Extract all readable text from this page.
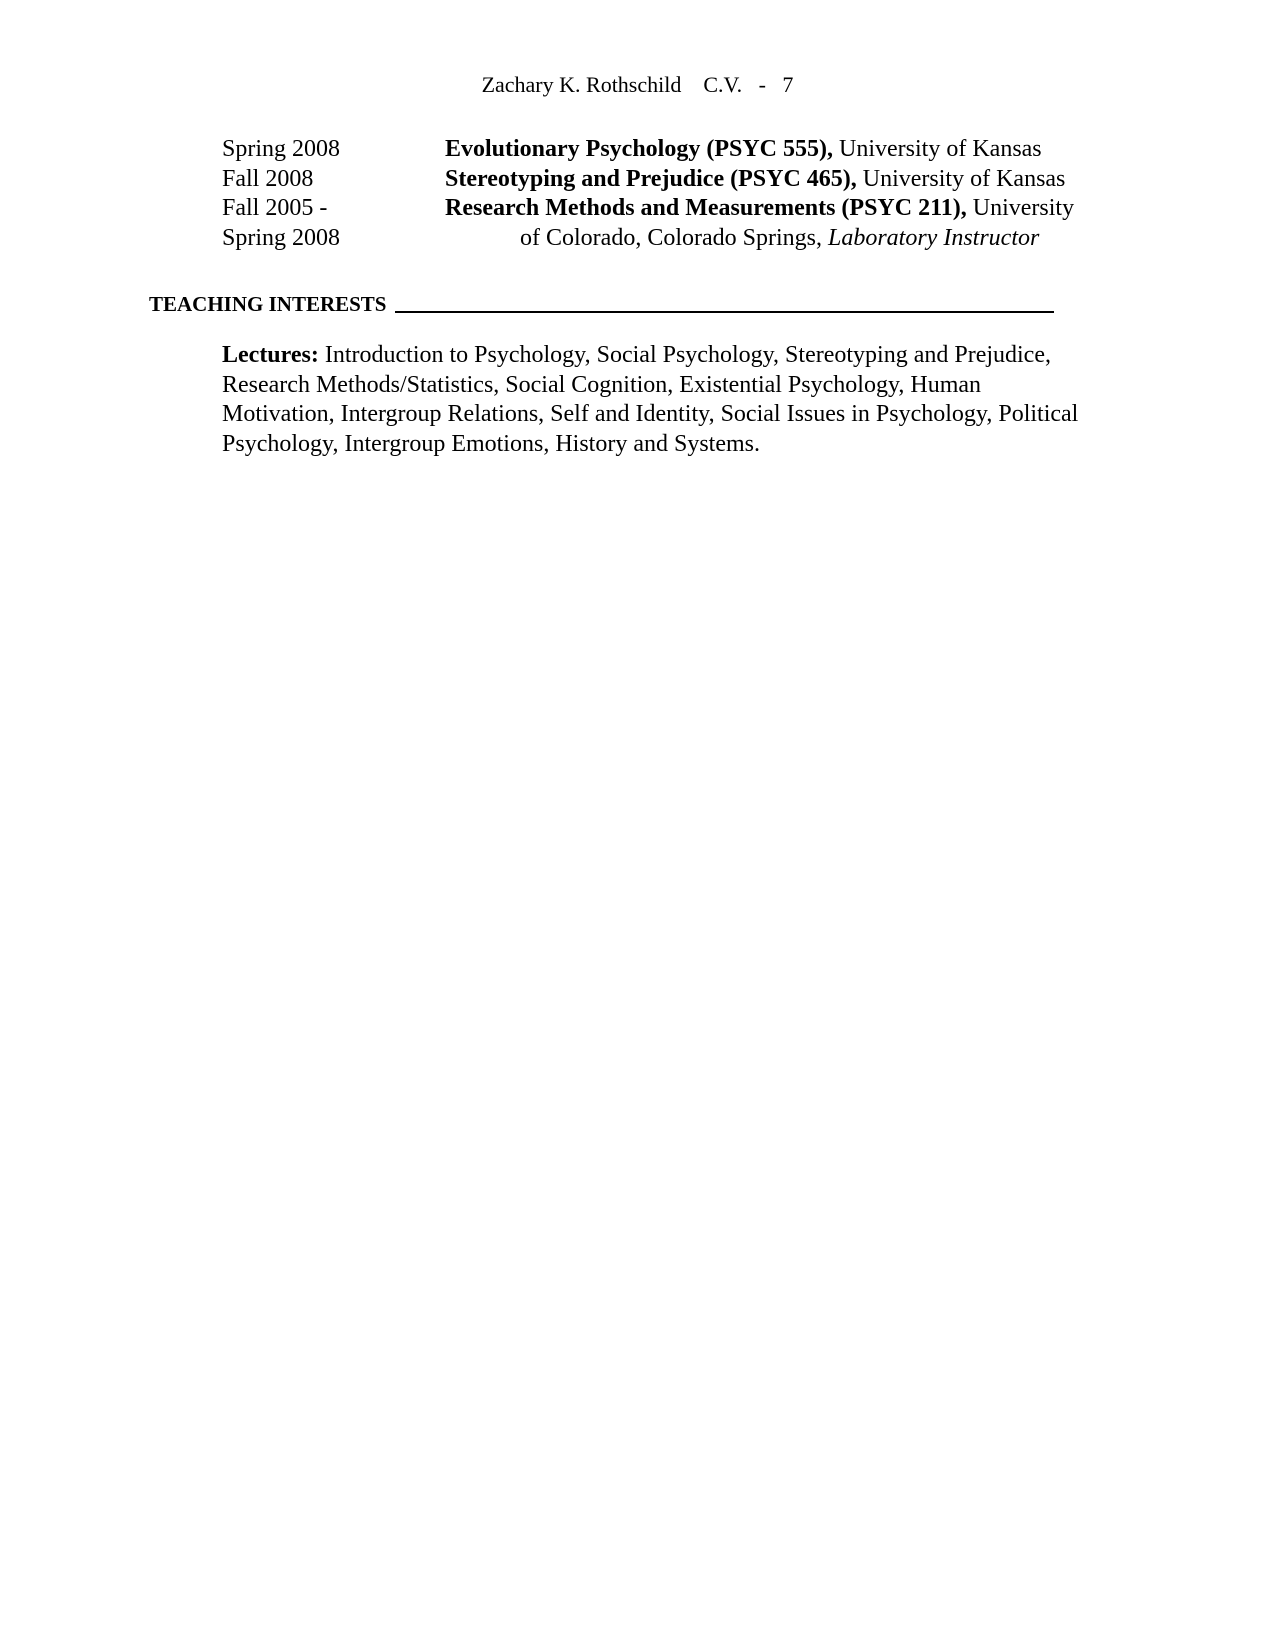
Zachary K. Rothschild    C.V.   -   7
Spring 2008	Evolutionary Psychology (PSYC 555), University of Kansas
Fall 2008	Stereotyping and Prejudice (PSYC 465), University of Kansas
Fall 2005 -	Research Methods and Measurements (PSYC 211), University
Spring 2008	of Colorado, Colorado Springs, Laboratory Instructor
TEACHING INTERESTS
Lectures: Introduction to Psychology, Social Psychology, Stereotyping and Prejudice,
Research Methods/Statistics, Social Cognition, Existential Psychology, Human
Motivation, Intergroup Relations, Self and Identity, Social Issues in Psychology, Political
Psychology, Intergroup Emotions, History and Systems.
